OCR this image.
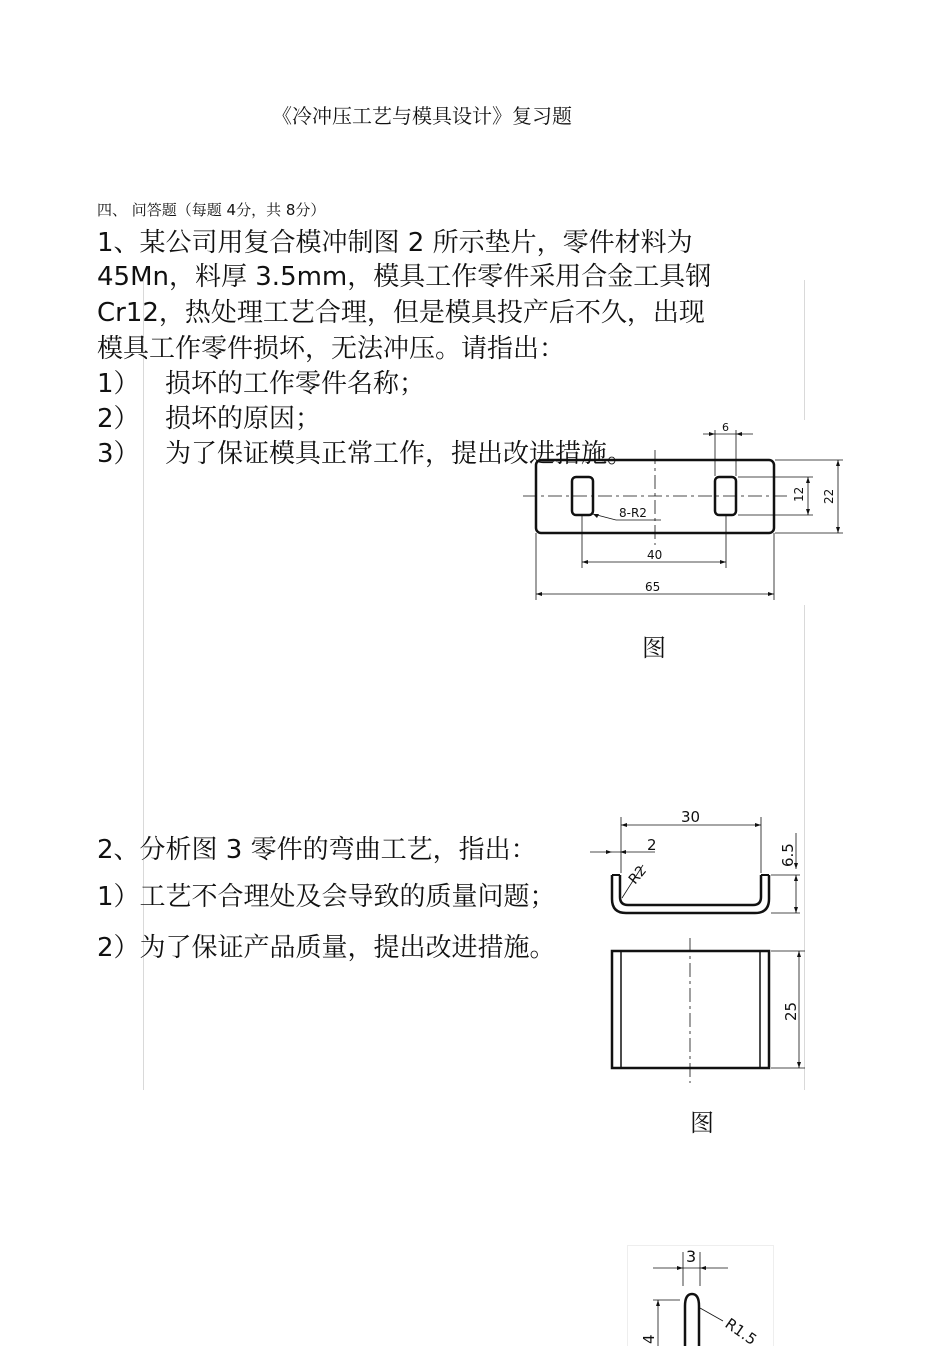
《冷冲压工艺与模具设计》复习题
四、 问答题（每题 4分，共 8分）
1、某公司用复合模冲制图 2 所示垫片，零件材料为
45Mn，料厚 3.5mm，模具工作零件采用合金工具钢
Cr12，热处理工艺合理，但是模具投产后不久，出现
模具工作零件损坏，无法冲压。请指出：
1） 损坏的工作零件名称；
2） 损坏的原因；	6
12 22
8-R2
40
65
3） 为了保证模具正常工作，提出改进措施。
图
2、分析图 3 零件的弯曲工艺，指出：
1）工艺不合理处及会导致的质量问题；
2）为了保证产品质量，提出改进措施。
30
2
R2
6.5
25
图
3
R1.5
4
